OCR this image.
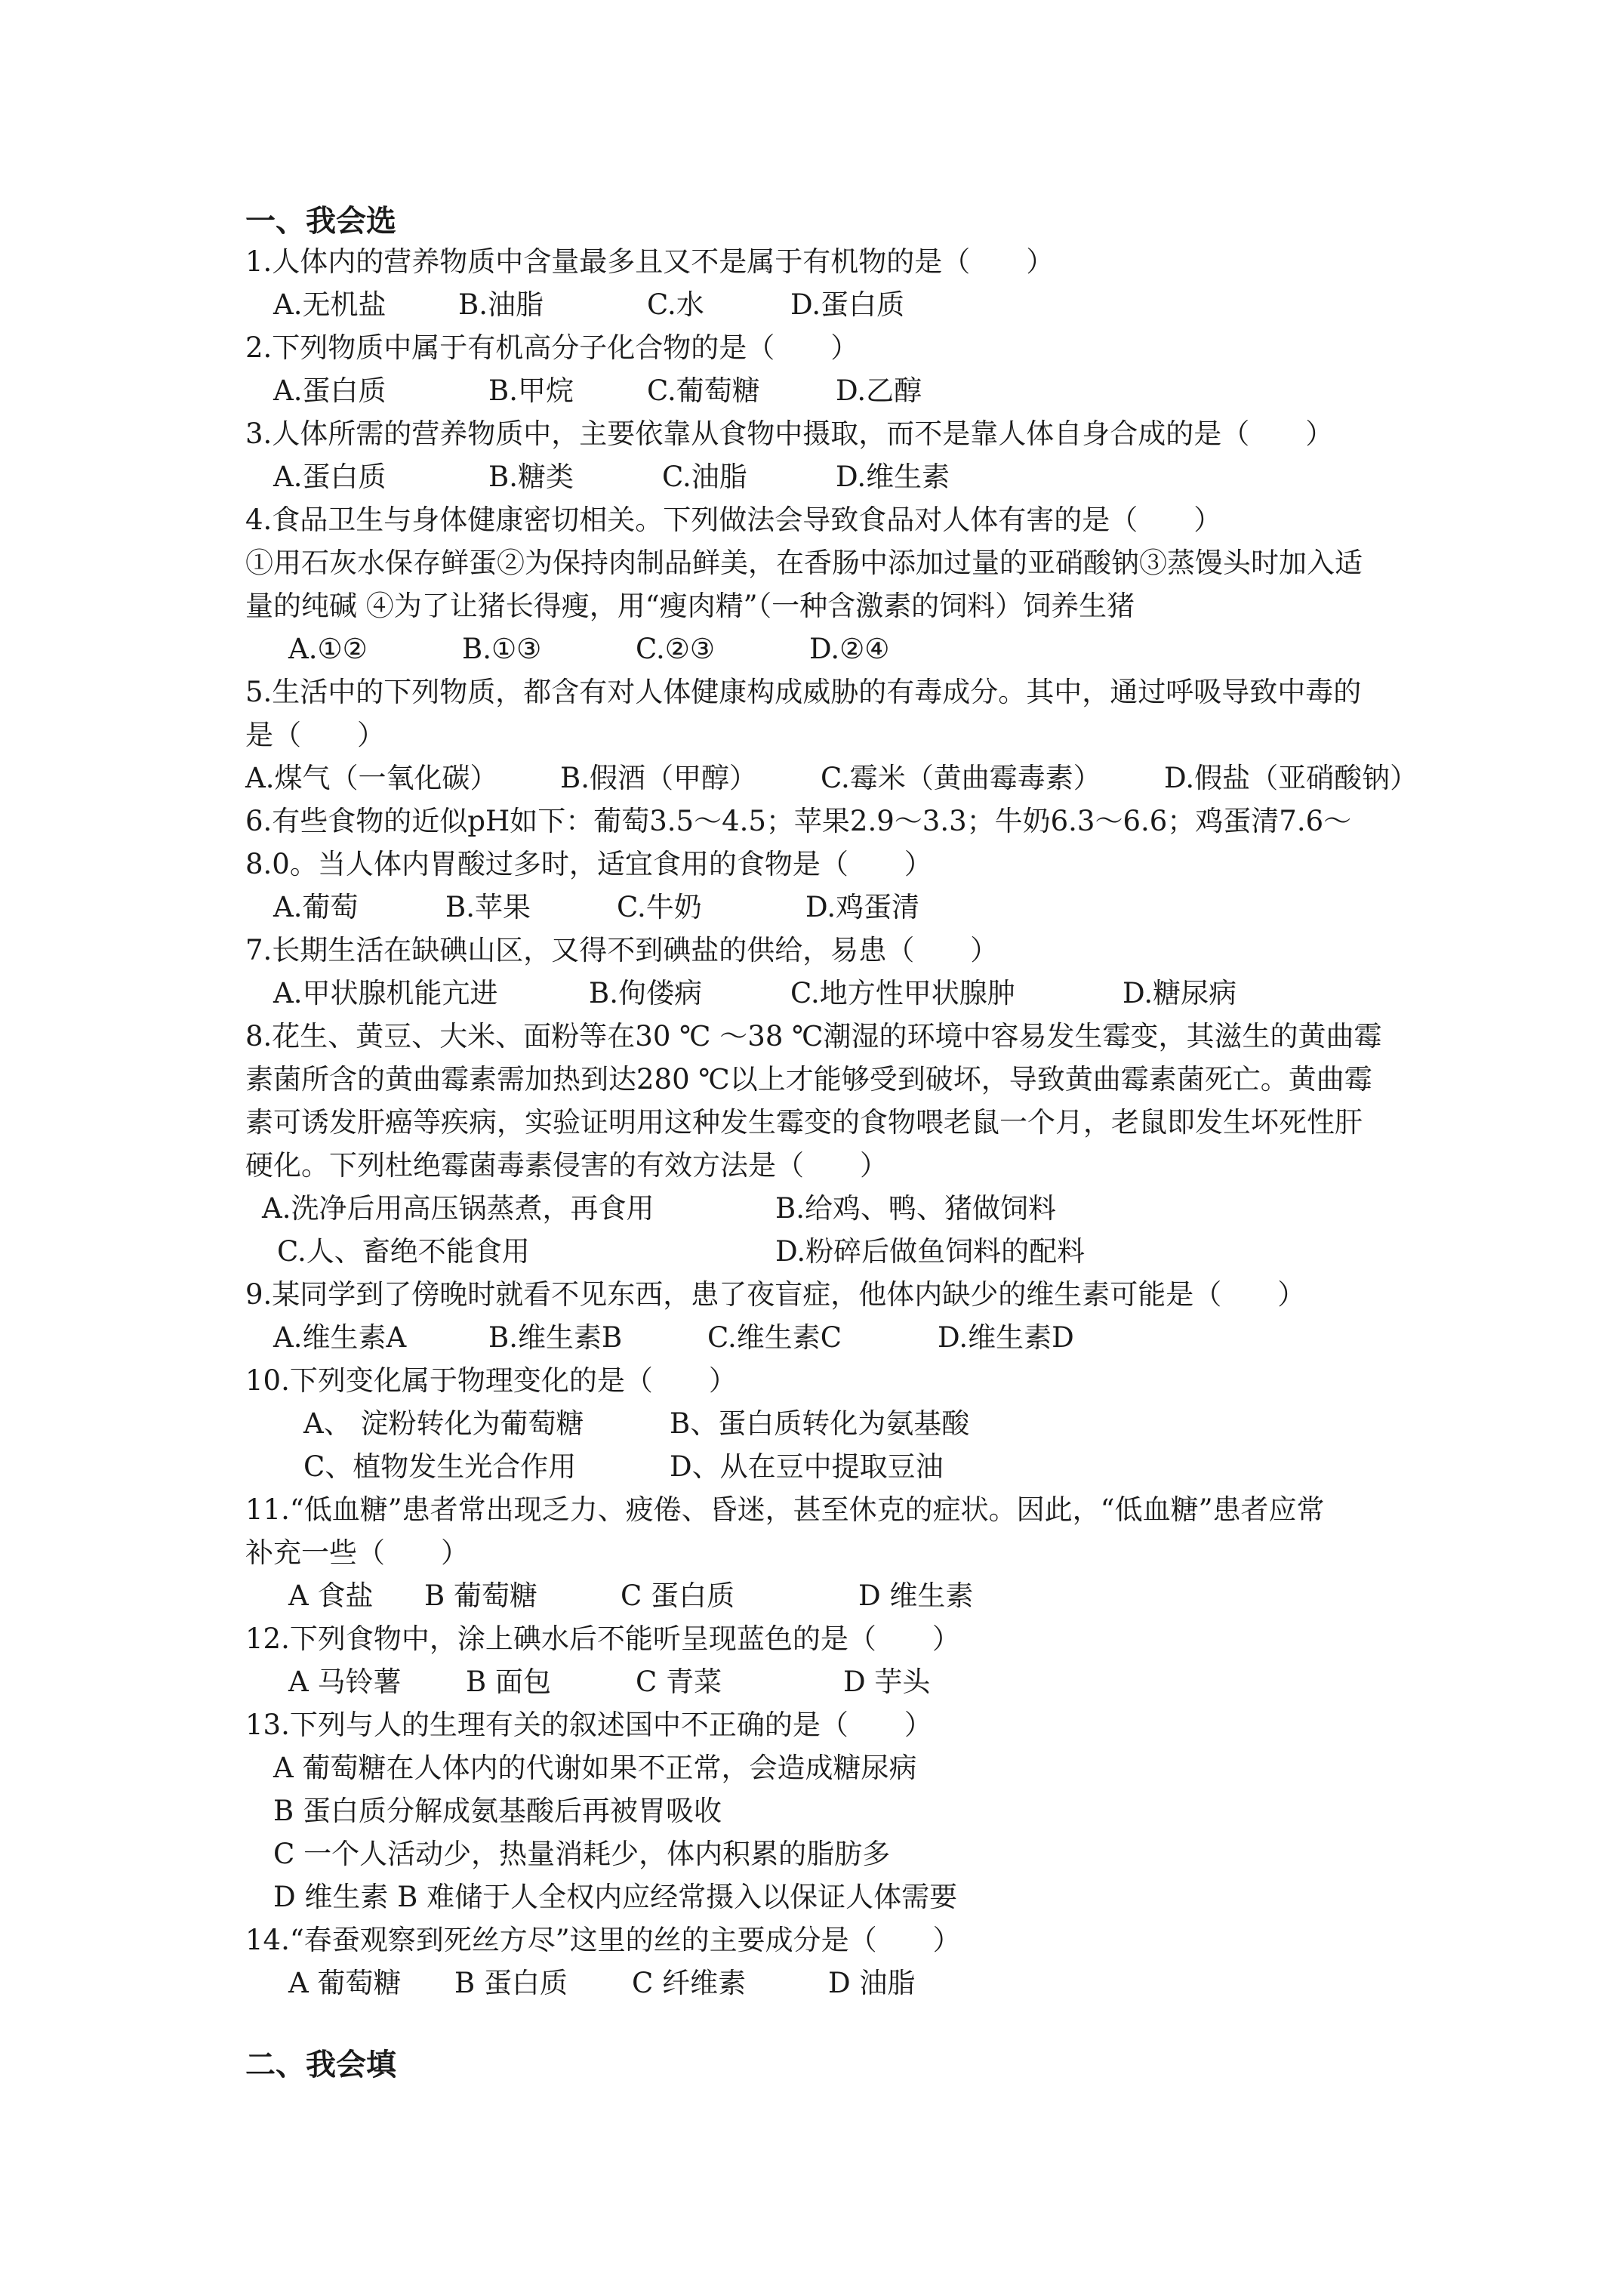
一、我会选
1.人体内的营养物质中含量最多且又不是属于有机物的是（　　）
A.无机盐	B.油脂	C.水	D.蛋白质
2.下列物质中属于有机高分子化合物的是（　　）
A.蛋白质	B.甲烷	C.葡萄糖	D.乙醇
3.人体所需的营养物质中，主要依靠从食物中摄取，而不是靠人体自身合成的是（　　）
A.蛋白质	B.糖类	C.油脂	D.维生素
4.食品卫生与身体健康密切相关。下列做法会导致食品对人体有害的是（　　）
①用石灰水保存鲜蛋②为保持肉制品鲜美，在香肠中添加过量的亚硝酸钠③蒸馒头时加入适
量的纯碱 ④为了让猪长得瘦，用“瘦肉精”（一种含激素的饲料）饲养生猪
A.①②	B.①③	C.②③	D.②④
5.生活中的下列物质，都含有对人体健康构成威胁的有毒成分。其中，通过呼吸导致中毒的
是（　　）
A.煤气（一氧化碳） B.假酒（甲醇） C.霉米（黄曲霉毒素） D.假盐（亚硝酸钠）
6.有些食物的近似pH如下：葡萄3.5～4.5；苹果2.9～3.3；牛奶6.3～6.6；鸡蛋清7.6～
8.0。当人体内胃酸过多时，适宜食用的食物是（　　）
A.葡萄	B.苹果	C.牛奶	D.鸡蛋清
7.长期生活在缺碘山区，又得不到碘盐的供给，易患（　　）
A.甲状腺机能亢进	B.佝偻病	C.地方性甲状腺肿	D.糖尿病
8.花生、黄豆、大米、面粉等在30 ℃ ～38 ℃潮湿的环境中容易发生霉变，其滋生的黄曲霉
素菌所含的黄曲霉素需加热到达280 ℃以上才能够受到破坏，导致黄曲霉素菌死亡。黄曲霉
素可诱发肝癌等疾病，实验证明用这种发生霉变的食物喂老鼠一个月，老鼠即发生坏死性肝
硬化。下列杜绝霉菌毒素侵害的有效方法是（　　）
A.洗净后用高压锅蒸煮，再食用	B.给鸡、鸭、猪做饲料
C.人、畜绝不能食用	D.粉碎后做鱼饲料的配料
9.某同学到了傍晚时就看不见东西，患了夜盲症，他体内缺少的维生素可能是（　　）
A.维生素A	B.维生素B	C.维生素C	D.维生素D
10.下列变化属于物理变化的是（　　）
A、 淀粉转化为葡萄糖	B、蛋白质转化为氨基酸
C、植物发生光合作用	D、从在豆中提取豆油
11.“低血糖”患者常出现乏力、疲倦、昏迷，甚至休克的症状。因此，“低血糖”患者应常
补充一些（　　）
A 食盐 B 葡萄糖	C 蛋白质	D 维生素
12.下列食物中，涂上碘水后不能听呈现蓝色的是（　　）
A 马铃薯 B 面包	C 青菜	D 芋头
13.下列与人的生理有关的叙述国中不正确的是（　　）
A 葡萄糖在人体内的代谢如果不正常，会造成糖尿病
B 蛋白质分解成氨基酸后再被胃吸收
C 一个人活动少，热量消耗少，体内积累的脂肪多
D 维生素 B 难储于人全权内应经常摄入以保证人体需要
14.“春蚕观察到死丝方尽”这里的丝的主要成分是（　　）
A 葡萄糖 B 蛋白质 C 纤维素	D 油脂
二、我会填
